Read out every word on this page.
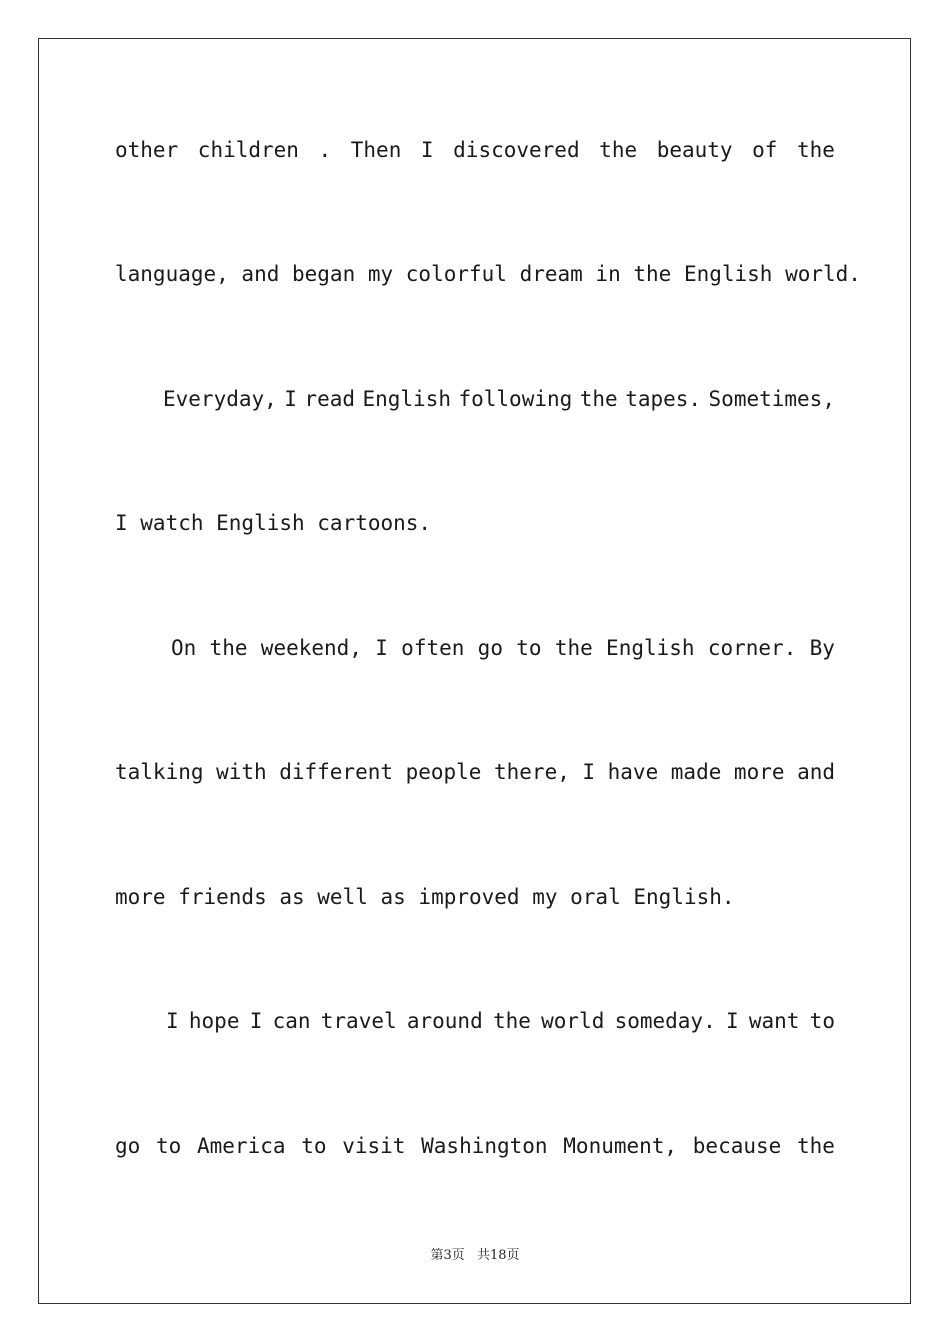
other children . Then I discovered the beauty of the
language, and began my colorful dream in the English world.
Everyday, I read English following the tapes. Sometimes,
I watch English cartoons.
On the weekend, I often go to the English corner. By
talking with different people there, I have made more and
more friends as well as improved my oral English.
I hope I can travel around the world someday. I want to
go to America to visit Washington Monument, because the
第3页 共18页
